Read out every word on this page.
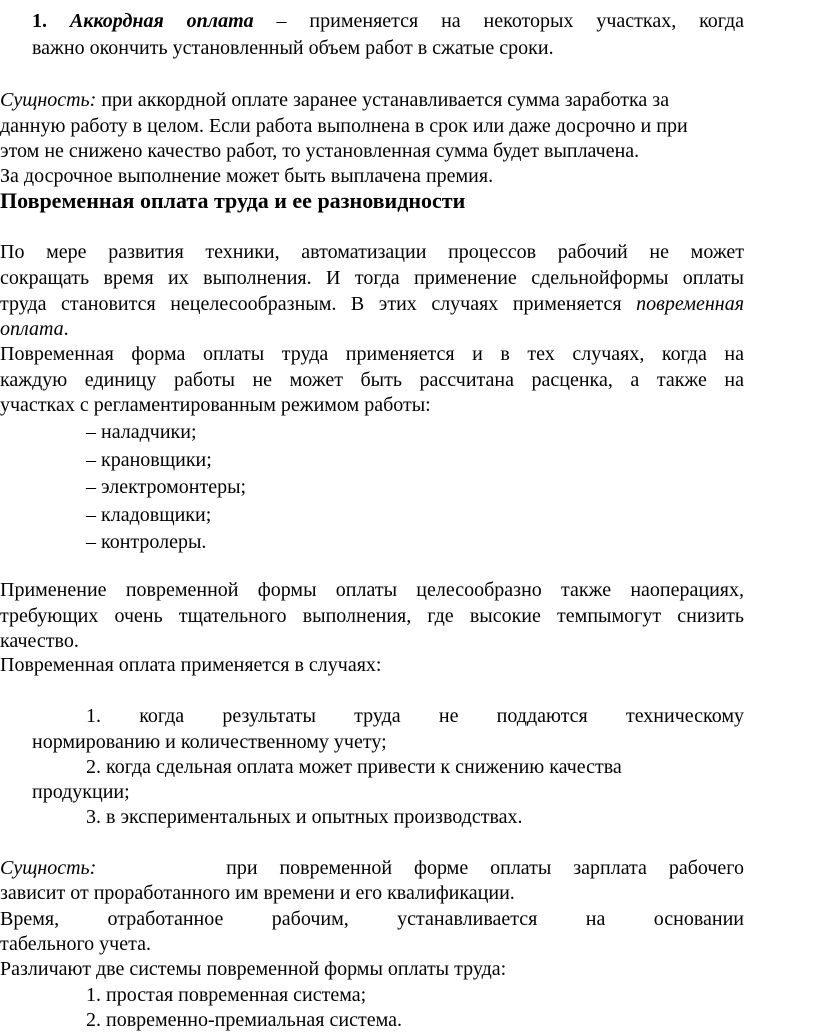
1. Аккордная оплата – применяется на некоторых участках, когда
важно окончить установленный объем работ в сжатые сроки.
Сущность: при аккордной оплате заранее устанавливается сумма заработка за
данную работу в целом. Если работа выполнена в срок или даже досрочно и при
этом не снижено качество работ, то установленная сумма будет выплачена.
За досрочное выполнение может быть выплачена премия.
Повременная оплата труда и ее разновидности
По мере развития техники, автоматизации процессов рабочий не может
сокращать время их выполнения. И тогда применение сдельнойформы оплаты
труда становится нецелесообразным. В этих случаях применяется повременная
оплата.
Повременная форма оплаты труда применяется и в тех случаях, когда на
каждую единицу работы не может быть рассчитана расценка, а также на
участках с регламентированным режимом работы:
– наладчики;
– крановщики;
– электромонтеры;
– кладовщики;
– контролеры.
Применение повременной формы оплаты целесообразно также наоперациях,
требующих очень тщательного выполнения, где высокие темпымогут снизить
качество.
Повременная оплата применяется в случаях:
1. когда результаты труда не поддаются техническому
нормированию и количественному учету;
2. когда сдельная оплата может привести к снижению качества
продукции;
3. в экспериментальных и опытных производствах.
Сущность:	при повременной форме оплаты зарплата рабочего
зависит от проработанного им времени и его квалификации.
Время, отработанное рабочим, устанавливается на основании
табельного учета.
Различают две системы повременной формы оплаты труда:
1. простая повременная система;
2. повременно-премиальная система.
